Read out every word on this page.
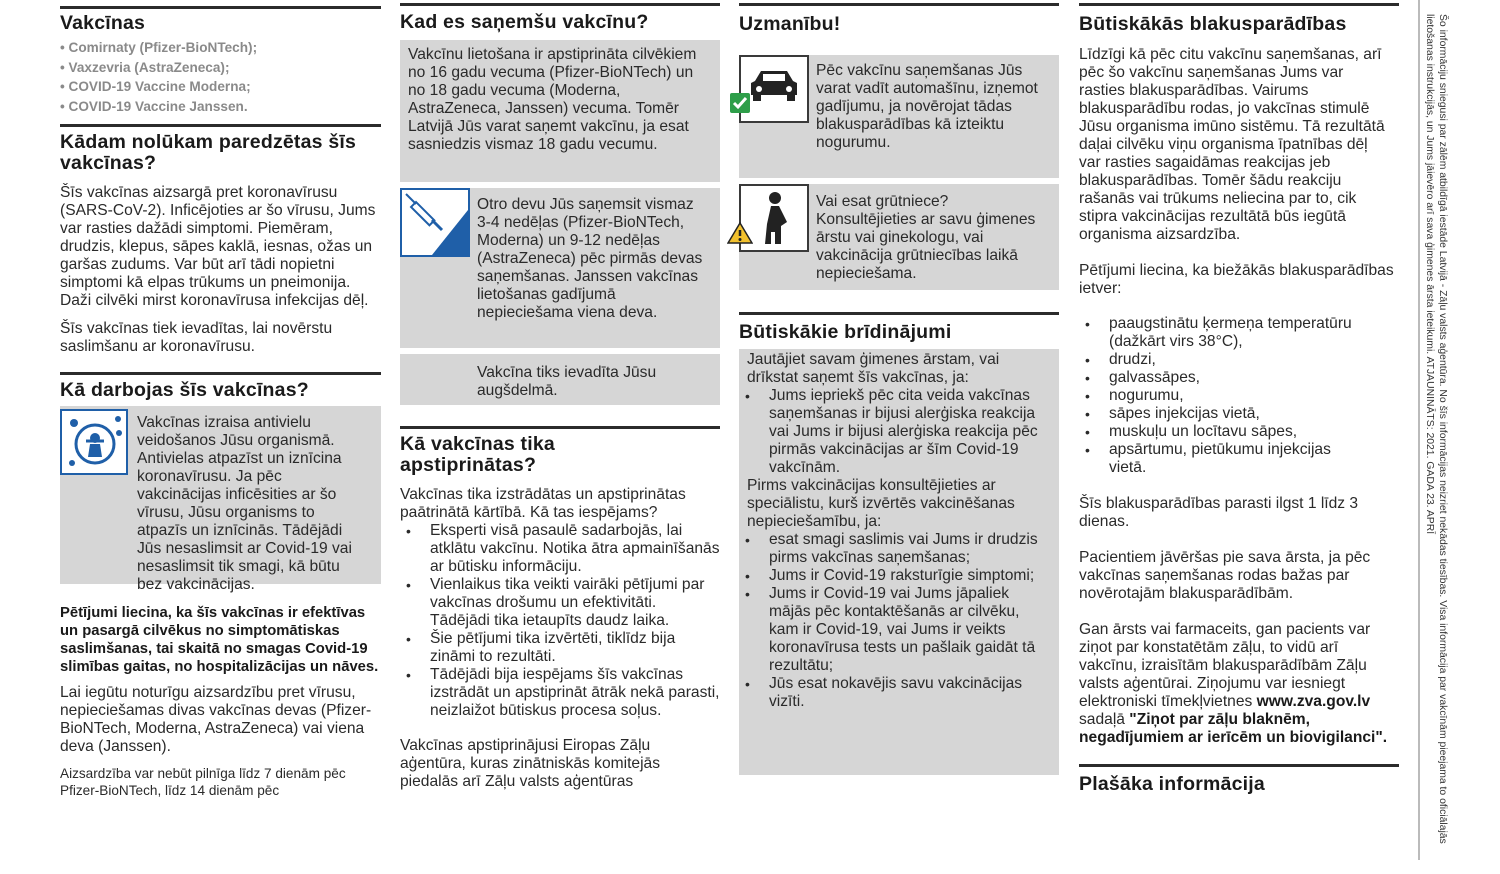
Vakcīnas
• Comirnaty (Pfizer-BioNTech);
• Vaxzevria (AstraZeneca);
• COVID-19 Vaccine Moderna;
• COVID-19 Vaccine Janssen.
Kādam nolūkam paredzētas šīs vakcīnas?
Šīs vakcīnas aizsargā pret koronavīrusu (SARS-CoV-2). Inficējoties ar šo vīrusu, Jums var rasties dažādi simptomi. Piemēram, drudzis, klepus, sāpes kaklā, iesnas, ožas un garšas zudums. Var būt arī tādi nopietni simptomi kā elpas trūkums un pneimonija. Daži cilvēki mirst koronavīrusa infekcijas dēļ.
Šīs vakcīnas tiek ievadītas, lai novērstu saslimšanu ar koronavīrusu.
Kā darbojas šīs vakcīnas?
Vakcīnas izraisa antivielu veidošanos Jūsu organismā. Antivielas atpazīst un iznīcina koronavīrusu. Ja pēc vakcinācijas inficēsities ar šo vīrusu, Jūsu organisms to atpazīs un iznīcinās. Tādējādi Jūs nesaslimsit ar Covid-19 vai nesaslimsit tik smagi, kā būtu bez vakcinācijas.
Pētījumi liecina, ka šīs vakcīnas ir efektīvas un pasargā cilvēkus no simptomātiskas saslimšanas, tai skaitā no smagas Covid-19 slimības gaitas, no hospitalizācijas un nāves.
Lai iegūtu noturīgu aizsardzību pret vīrusu, nepieciešamas divas vakcīnas devas (Pfizer-BioNTech, Moderna, AstraZeneca) vai viena deva (Janssen).
Aizsardzība var nebūt pilnīga līdz 7 dienām pēc Pfizer-BioNTech, līdz 14 dienām pēc
Kad es saņemšu vakcīnu?
Vakcīnu lietošana ir apstiprināta cilvēkiem no 16 gadu vecuma (Pfizer-BioNTech) un no 18 gadu vecuma (Moderna, AstraZeneca, Janssen) vecuma. Tomēr Latvijā Jūs varat saņemt vakcīnu, ja esat sasniedzis vismaz 18 gadu vecumu.
Otro devu Jūs saņemsit vismaz 3-4 nedēļas (Pfizer-BioNTech, Moderna) un 9-12 nedēļas (AstraZeneca) pēc pirmās devas saņemšanas. Janssen vakcīnas lietošanas gadījumā nepieciešama viena deva.
Vakcīna tiks ievadīta Jūsu augšdelmā.
Kā vakcīnas tika apstiprinātas?
Vakcīnas tika izstrādātas un apstiprinātas paātrinātā kārtībā. Kā tas iespējams?
• Eksperti visā pasaulē sadarbojās, lai atklātu vakcīnu. Notika ātra apmainīšanās ar būtisku informāciju.
• Vienlaikus tika veikti vairāki pētījumi par vakcīnas drošumu un efektivitāti. Tādējādi tika ietaupīts daudz laika.
• Šie pētījumi tika izvērtēti, tiklīdz bija zināmi to rezultāti.
• Tādējādi bija iespējams šīs vakcīnas izstrādāt un apstiprināt ātrāk nekā parasti, neizlaižot būtiskus procesa soļus.
Vakcīnas apstiprinājusi Eiropas Zāļu aģentūra, kuras zinātniskās komitejās piedalās arī Zāļu valsts aģentūras
Uzmanību!
Pēc vakcīnu saņemšanas Jūs varat vadīt automašīnu, izņemot gadījumu, ja novērojat tādas blakusparādības kā izteiktu nogurumu.
Vai esat grūtniece? Konsultējieties ar savu ģimenes ārstu vai ginekologu, vai vakcinācija grūtniecības laikā nepieciešama.
Būtiskākie brīdinājumi
Jautājiet savam ģimenes ārstam, vai drīkstat saņemt šīs vakcīnas, ja:
• Jums iepriekš pēc cita veida vakcīnas saņemšanas ir bijusi alerģiska reakcija vai Jums ir bijusi alerģiska reakcija pēc pirmās vakcinācijas ar šīm Covid-19 vakcīnām.
Pirms vakcinācijas konsultējieties ar speciālistu, kurš izvērtēs vakcinēšanas nepieciešamību, ja:
• esat smagi saslimis vai Jums ir drudzis pirms vakcīnas saņemšanas;
• Jums ir Covid-19 raksturīgie simptomi;
• Jums ir Covid-19 vai Jums jāpaliek mājās pēc kontaktēšanās ar cilvēku, kam ir Covid-19, vai Jums ir veikts koronavīrusa tests un pašlaik gaidāt tā rezultātu;
• Jūs esat nokavējis savu vakcinācijas vizīti.
Būtiskākās blakusparādības
Līdzīgi kā pēc citu vakcīnu saņemšanas, arī pēc šo vakcīnu saņemšanas Jums var rasties blakusparādības. Vairums blakusparādību rodas, jo vakcīnas stimulē Jūsu organisma imūno sistēmu. Tā rezultātā daļai cilvēku viņu organisma īpatnības dēļ var rasties sagaidāmas reakcijas jeb blakusparādības. Tomēr šādu reakciju rašanās vai trūkums neliecina par to, cik stipra vakcinācijas rezultātā būs iegūtā organisma aizsardzība.
Pētījumi liecina, ka biežākās blakusparādības ietver:
• paaugstinātu ķermeņa temperatūru (dažkārt virs 38°C),
• drudzi,
• galvassāpes,
• nogurumu,
• sāpes injekcijas vietā,
• muskuļu un locītavu sāpes,
• apsārtumu, pietūkumu injekcijas vietā.
Šīs blakusparādības parasti ilgst 1 līdz 3 dienas.
Pacientiem jāvēršas pie sava ārsta, ja pēc vakcīnas saņemšanas rodas bažas par novērotajām blakusparādībām.
Gan ārsts vai farmaceits, gan pacients var ziņot par konstatētām zāļu, to vidū arī vakcīnu, izraisītām blakusparādībām Zāļu valsts aģentūrai. Ziņojumu var iesniegt elektroniski tīmekļvietnes www.zva.gov.lv sadaļā "Ziņot par zāļu blaknēm, negadījumiem ar ierīcēm un biovigilanci".
Plašāka informācija	Šo informāciju sniegusi par zālēm atbildīgā iestāde Latvijā - Zāļu valsts aģentūra. No šīs informācijas neizriet nekādas tiesības. Visa informācija par vakcīnām pieejama to oficiālajās lietošanas instrukcijās, un Jums jāievēro arī sava ģimenes ārsta ieteikumi. ATJAUNINĀTS: 2021. GADA 23. APRĪ
